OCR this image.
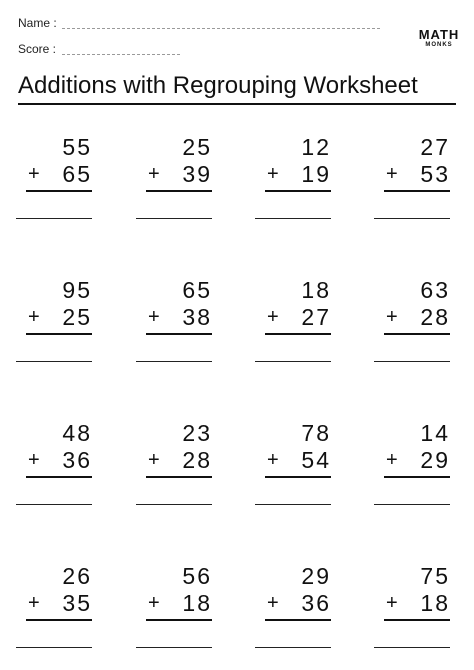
Name :
Score :
MATH
MONKS
Additions with Regrouping Worksheet
55
+ 65
25
+ 39
12
+ 19
27
+ 53
95
+ 25
65
+ 38
18
+ 27
63
+ 28
48
+ 36
23
+ 28
78
+ 54
14
+ 29
26
+ 35
56
+ 18
29
+ 36
75
+ 18
